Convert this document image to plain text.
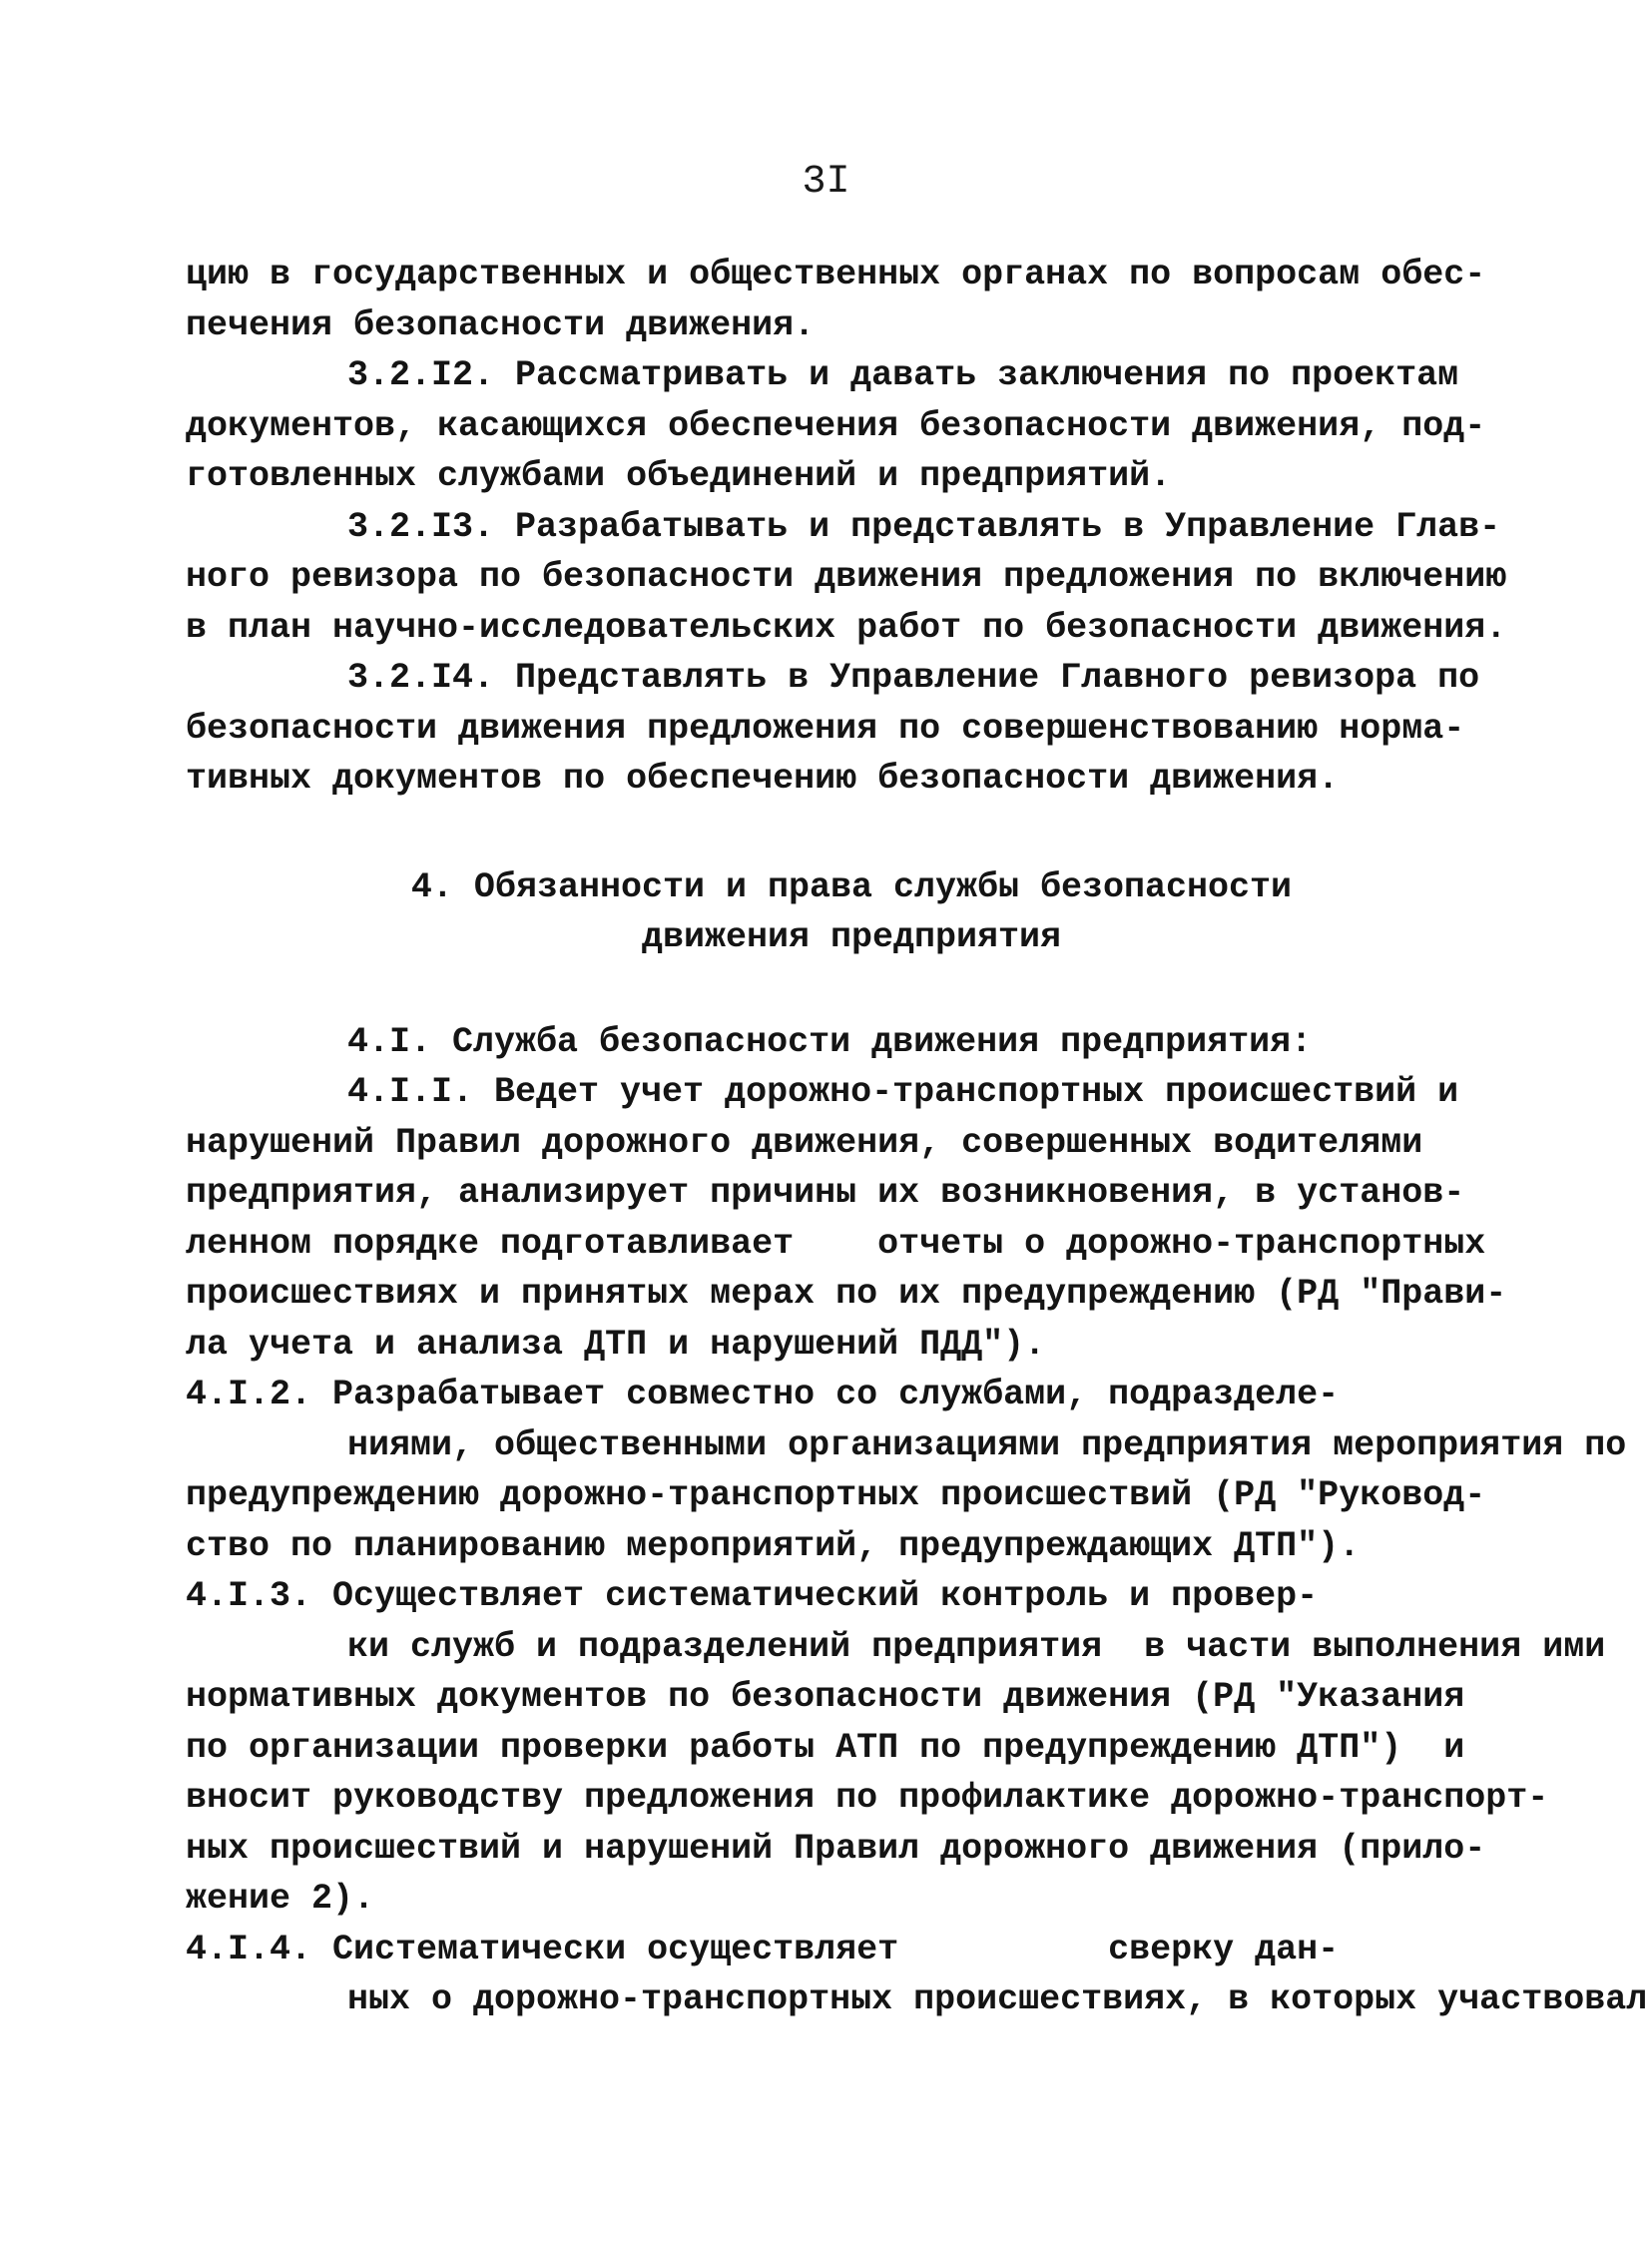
3I
цию в государственных и общественных органах по вопросам обес-
печения безопасности движения.
3.2.I2. Рассматривать и давать заключения по проектам
документов, касающихся обеспечения безопасности движения, под-
готовленных службами объединений и предприятий.
3.2.I3. Разрабатывать и представлять в Управление Глав-
ного ревизора по безопасности движения предложения по включению
в план научно-исследовательских работ по безопасности движения.
3.2.I4. Представлять в Управление Главного ревизора по
безопасности движения предложения по совершенствованию норма-
тивных документов по обеспечению безопасности движения.
4. Обязанности и права службы безопасности
движения предприятия
4.I. Служба безопасности движения предприятия:
4.I.I. Ведет учет дорожно-транспортных происшествий и
нарушений Правил дорожного движения, совершенных водителями
предприятия, анализирует причины их возникновения, в установ-
ленном порядке подготавливает    отчеты о дорожно-транспортных
происшествиях и принятых мерах по их предупреждению (РД "Прави-
ла учета и анализа ДТП и нарушений ПДД").
4.I.2. Разрабатывает совместно со службами, подразделе-
ниями, общественными организациями предприятия мероприятия по
предупреждению дорожно-транспортных происшествий (РД "Руковод-
ство по планированию мероприятий, предупреждающих ДТП").
4.I.3. Осуществляет систематический контроль и провер-
ки служб и подразделений предприятия  в части выполнения ими
нормативных документов по безопасности движения (РД "Указания
по организации проверки работы АТП по предупреждению ДТП")  и
вносит руководству предложения по профилактике дорожно-транспорт-
ных происшествий и нарушений Правил дорожного движения (прило-
жение 2).
4.I.4. Систематически осуществляет          сверку дан-
ных о дорожно-транспортных происшествиях, в которых участвовал
